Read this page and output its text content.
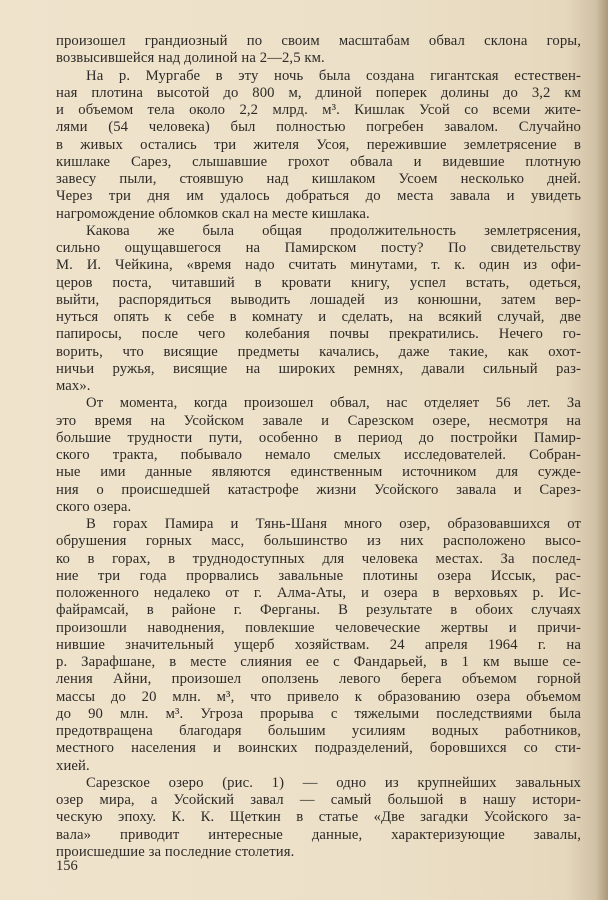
произошел грандиозный по своим масштабам обвал склона горы,
возвысившейся над долиной на 2—2,5 км.
На р. Мургабе в эту ночь была создана гигантская естествен-
ная плотина высотой до 800 м, длиной поперек долины до 3,2 км
и объемом тела около 2,2 млрд. м³. Кишлак Усой со всеми жите-
лями (54 человека) был полностью погребен завалом. Случайно
в живых остались три жителя Усоя, пережившие землетрясение в
кишлаке Сарез, слышавшие грохот обвала и видевшие плотную
завесу пыли, стоявшую над кишлаком Усоем несколько дней.
Через три дня им удалось добраться до места завала и увидеть
нагромождение обломков скал на месте кишлака.
Какова же была общая продолжительность землетрясения,
сильно ощущавшегося на Памирском посту? По свидетельству
М. И. Чейкина, «время надо считать минутами, т. к. один из офи-
церов поста, читавший в кровати книгу, успел встать, одеться,
выйти, распорядиться выводить лошадей из конюшни, затем вер-
нуться опять к себе в комнату и сделать, на всякий случай, две
папиросы, после чего колебания почвы прекратились. Нечего го-
ворить, что висящие предметы качались, даже такие, как охот-
ничьи ружья, висящие на широких ремнях, давали сильный раз-
мах».
От момента, когда произошел обвал, нас отделяет 56 лет. За
это время на Усойском завале и Сарезском озере, несмотря на
большие трудности пути, особенно в период до постройки Памир-
ского тракта, побывало немало смелых исследователей. Собран-
ные ими данные являются единственным источником для сужде-
ния о происшедшей катастрофе жизни Усойского завала и Сарез-
ского озера.
В горах Памира и Тянь-Шаня много озер, образовавшихся от
обрушения горных масс, большинство из них расположено высо-
ко в горах, в труднодоступных для человека местах. За послед-
ние три года прорвались завальные плотины озера Иссык, рас-
положенного недалеко от г. Алма-Аты, и озера в верховьях р. Ис-
файрамсай, в районе г. Ферганы. В результате в обоих случаях
произошли наводнения, повлекшие человеческие жертвы и причи-
нившие значительный ущерб хозяйствам. 24 апреля 1964 г. на
р. Зарафшане, в месте слияния ее с Фандарьей, в 1 км выше се-
ления Айни, произошел оползень левого берега объемом горной
массы до 20 млн. м³, что привело к образованию озера объемом
до 90 млн. м³. Угроза прорыва с тяжелыми последствиями была
предотвращена благодаря большим усилиям водных работников,
местного населения и воинских подразделений, боровшихся со сти-
хией.
Сарезское озеро (рис. 1) — одно из крупнейших завальных
озер мира, а Усойский завал — самый большой в нашу истори-
ческую эпоху. К. К. Щеткин в статье «Две загадки Усойского за-
вала» приводит интересные данные, характеризующие завалы,
происшедшие за последние столетия.
156
